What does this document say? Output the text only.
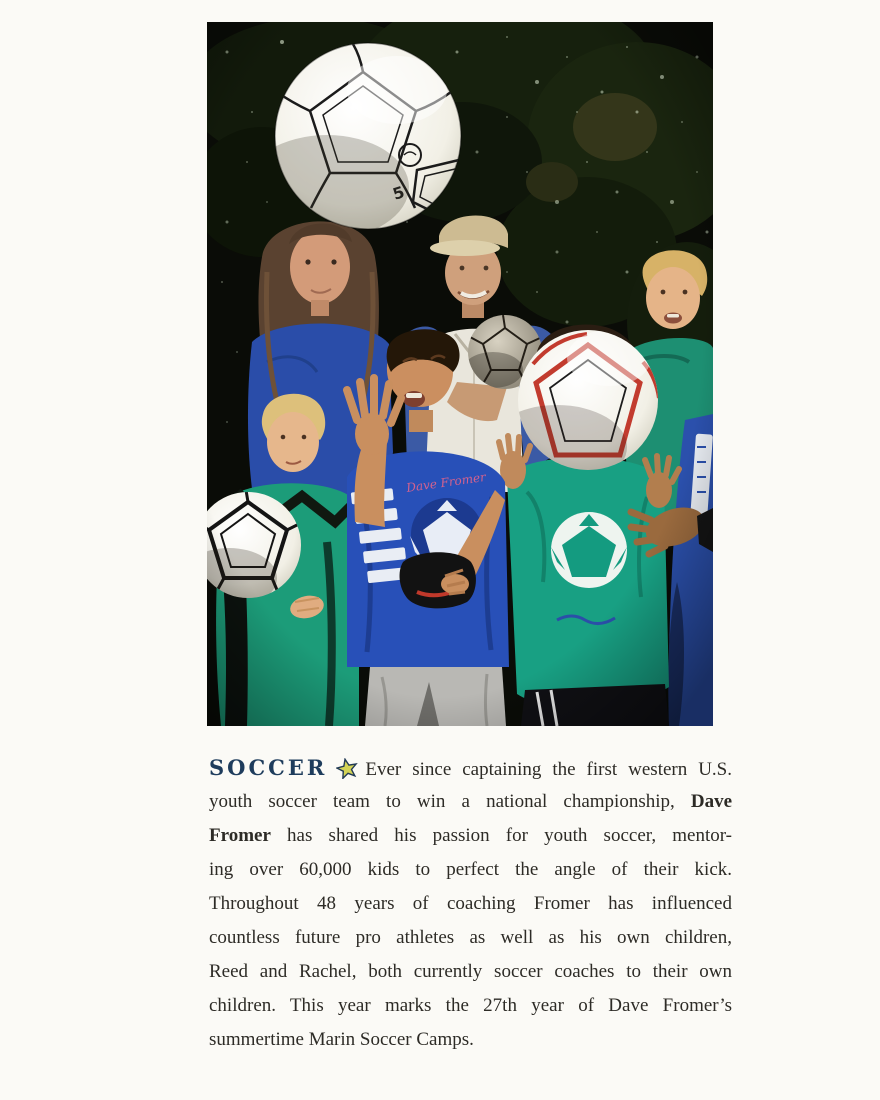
SOCCER Ever since captaining the first western U.S.
youth soccer team to win a national championship, Dave
Fromer has shared his passion for youth soccer, mentor-
ing over 60,000 kids to perfect the angle of their kick.
Throughout 48 years of coaching Fromer has influenced
countless future pro athletes as well as his own children,
Reed and Rachel, both currently soccer coaches to their own
children. This year marks the 27th year of Dave Fromer’s
summertime Marin Soccer Camps.
